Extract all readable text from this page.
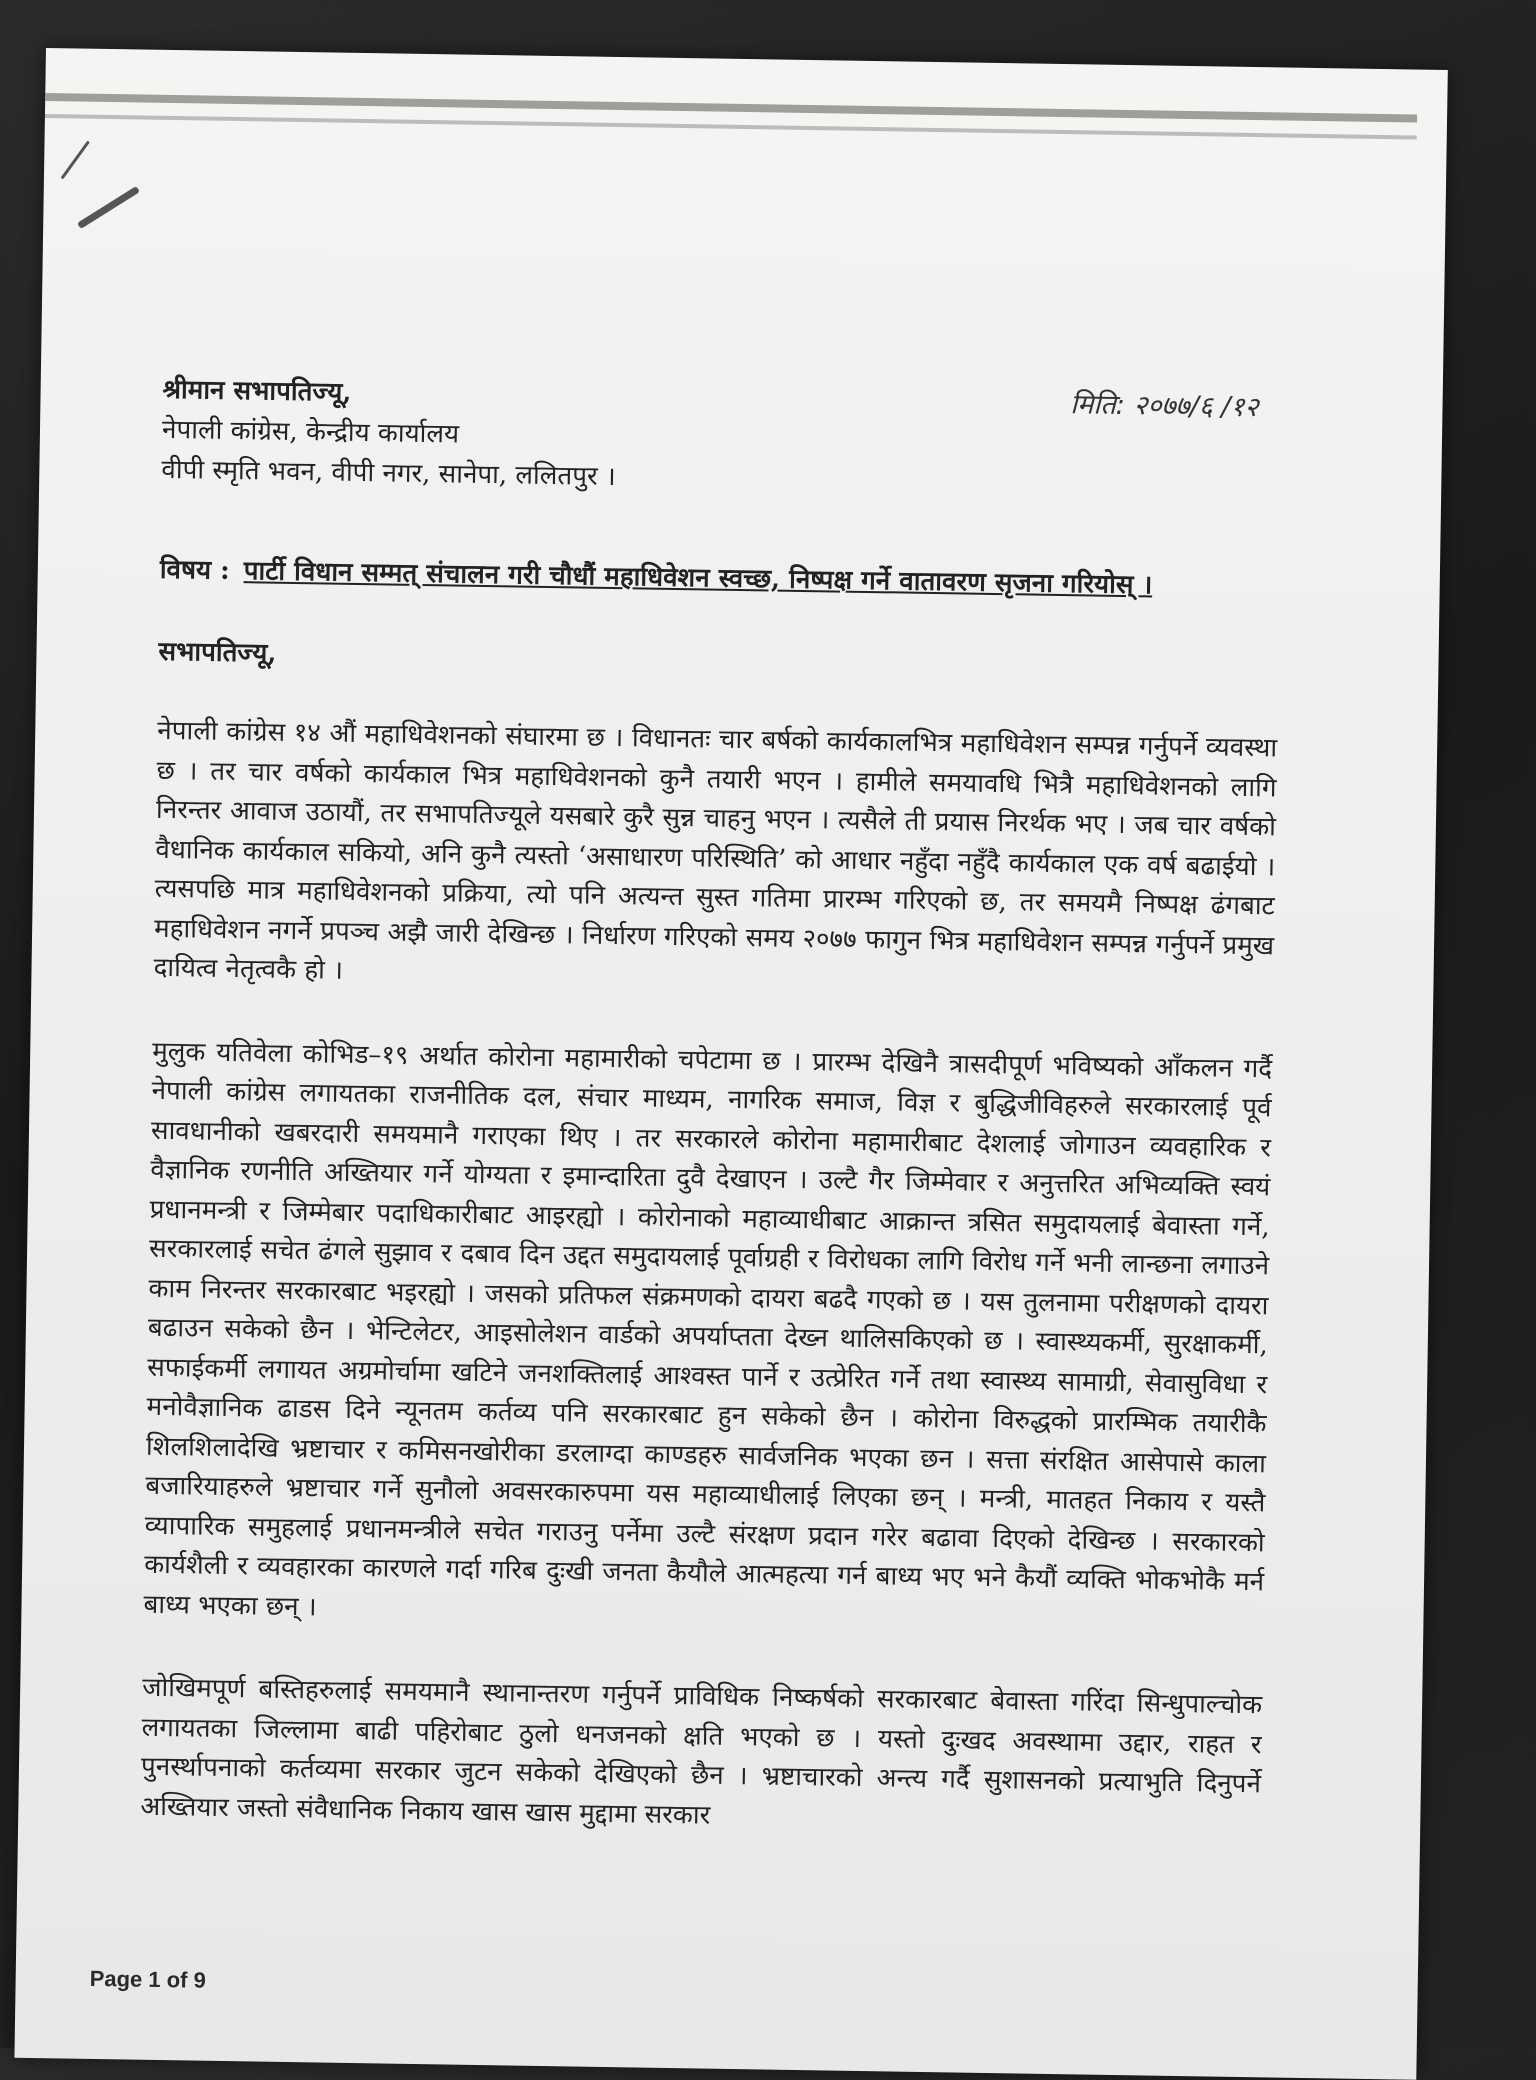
मिति: २०७७/६ /१२
श्रीमान सभापतिज्यू,
नेपाली कांग्रेस, केन्द्रीय कार्यालय
वीपी स्मृति भवन, वीपी नगर, सानेपा, ललितपुर ।
विषय : पार्टी विधान सम्मत् संचालन गरी चौधौं महाधिवेशन स्वच्छ, निष्पक्ष गर्ने वातावरण सृजना गरियोस् ।
सभापतिज्यू,

नेपाली कांग्रेस १४ औं महाधिवेशनको संघारमा छ । विधानतः चार बर्षको कार्यकालभित्र महाधिवेशन सम्पन्न गर्नुपर्ने व्यवस्था छ । तर चार वर्षको कार्यकाल भित्र महाधिवेशनको कुनै तयारी भएन । हामीले समयावधि भित्रै महाधिवेशनको लागि निरन्तर आवाज उठायौं, तर सभापतिज्यूले यसबारे कुरै सुन्न चाहनु भएन । त्यसैले ती प्रयास निरर्थक भए । जब चार वर्षको वैधानिक कार्यकाल सकियो, अनि कुनै त्यस्तो ‘असाधारण परिस्थिति’ को आधार नहुँदा नहुँदै कार्यकाल एक वर्ष बढाईयो । त्यसपछि मात्र महाधिवेशनको प्रक्रिया, त्यो पनि अत्यन्त सुस्त गतिमा प्रारम्भ गरिएको छ, तर समयमै निष्पक्ष ढंगबाट महाधिवेशन नगर्ने प्रपञ्च अझै जारी देखिन्छ । निर्धारण गरिएको समय २०७७ फागुन भित्र महाधिवेशन सम्पन्न गर्नुपर्ने प्रमुख दायित्व नेतृत्वकै हो ।

मुलुक यतिवेला कोभिड–१९ अर्थात कोरोना महामारीको चपेटामा छ । प्रारम्भ देखिनै त्रासदीपूर्ण भविष्यको आँकलन गर्दै नेपाली कांग्रेस लगायतका राजनीतिक दल, संचार माध्यम, नागरिक समाज, विज्ञ र बुद्धिजीविहरुले सरकारलाई पूर्व सावधानीको खबरदारी समयमानै गराएका थिए । तर सरकारले कोरोना महामारीबाट देशलाई जोगाउन व्यवहारिक र वैज्ञानिक रणनीति अख्तियार गर्ने योग्यता र इमान्दारिता दुवै देखाएन । उल्टै गैर जिम्मेवार र अनुत्तरित अभिव्यक्ति स्वयं प्रधानमन्त्री र जिम्मेबार पदाधिकारीबाट आइरह्यो । कोरोनाको महाव्याधीबाट आक्रान्त त्रसित समुदायलाई बेवास्ता गर्ने, सरकारलाई सचेत ढंगले सुझाव र दबाव दिन उद्दत समुदायलाई पूर्वाग्रही र विरोधका लागि विरोध गर्ने भनी लान्छना लगाउने काम निरन्तर सरकारबाट भइरह्यो । जसको प्रतिफल संक्रमणको दायरा बढदै गएको छ । यस तुलनामा परीक्षणको दायरा बढाउन सकेको छैन । भेन्टिलेटर, आइसोलेशन वार्डको अपर्याप्तता देख्न थालिसकिएको छ । स्वास्थ्यकर्मी, सुरक्षाकर्मी, सफाईकर्मी लगायत अग्रमोर्चामा खटिने जनशक्तिलाई आश्वस्त पार्ने र उत्प्रेरित गर्ने तथा स्वास्थ्य सामाग्री, सेवासुविधा र मनोवैज्ञानिक ढाडस दिने न्यूनतम कर्तव्य पनि सरकारबाट हुन सकेको छैन । कोरोना विरुद्धको प्रारम्भिक तयारीकै शिलशिलादेखि भ्रष्टाचार र कमिसनखोरीका डरलाग्दा काण्डहरु सार्वजनिक भएका छन । सत्ता संरक्षित आसेपासे काला बजारियाहरुले भ्रष्टाचार गर्ने सुनौलो अवसरकारुपमा यस महाव्याधीलाई लिएका छन् । मन्त्री, मातहत निकाय र यस्तै व्यापारिक समुहलाई प्रधानमन्त्रीले सचेत गराउनु पर्नेमा उल्टै संरक्षण प्रदान गरेर बढावा दिएको देखिन्छ । सरकारको कार्यशैली र व्यवहारका कारणले गर्दा गरिब दुःखी जनता कैयौले आत्महत्या गर्न बाध्य भए भने कैयौं व्यक्ति भोकभोकै मर्न बाध्य भएका छन् ।

जोखिमपूर्ण बस्तिहरुलाई समयमानै स्थानान्तरण गर्नुपर्ने प्राविधिक निष्कर्षको सरकारबाट बेवास्ता गरिंदा सिन्धुपाल्चोक लगायतका जिल्लामा बाढी पहिरोबाट ठुलो धनजनको क्षति भएको छ । यस्तो दुःखद अवस्थामा उद्दार, राहत र पुनर्स्थापनाको कर्तव्यमा सरकार जुटन सकेको देखिएको छैन । भ्रष्टाचारको अन्त्य गर्दै सुशासनको प्रत्याभुति दिनुपर्ने अख्तियार जस्तो संवैधानिक निकाय खास खास मुद्दामा सरकार

Page 1 of 9
